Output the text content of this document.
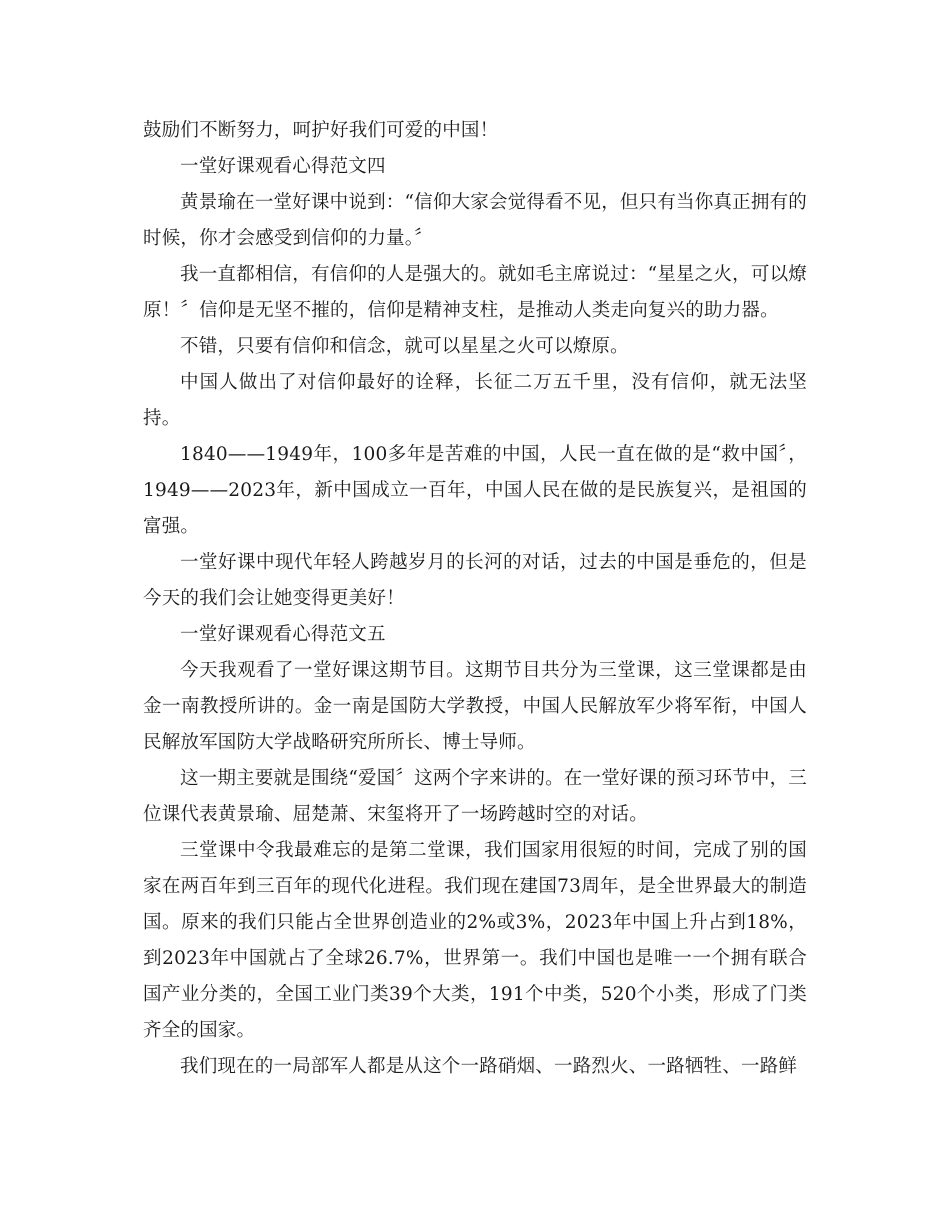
鼓励们不断努力，呵护好我们可爱的中国！

一堂好课观看心得范文四

黄景瑜在一堂好课中说到：“信仰大家会觉得看不见，但只有当你真正拥有的时候，你才会感受到信仰的力量。〞

我一直都相信，有信仰的人是强大的。就如毛主席说过：“星星之火，可以燎原！〞信仰是无坚不摧的，信仰是精神支柱，是推动人类走向复兴的助力器。

不错，只要有信仰和信念，就可以星星之火可以燎原。

中国人做出了对信仰最好的诠释，长征二万五千里，没有信仰，就无法坚持。

1840——1949年，100多年是苦难的中国，人民一直在做的是“救中国〞，1949——2023年，新中国成立一百年，中国人民在做的是民族复兴，是祖国的富强。

一堂好课中现代年轻人跨越岁月的长河的对话，过去的中国是垂危的，但是今天的我们会让她变得更美好！

一堂好课观看心得范文五

今天我观看了一堂好课这期节目。这期节目共分为三堂课，这三堂课都是由金一南教授所讲的。金一南是国防大学教授，中国人民解放军少将军衔，中国人民解放军国防大学战略研究所所长、博士导师。

这一期主要就是围绕“爱国〞这两个字来讲的。在一堂好课的预习环节中，三位课代表黄景瑜、屈楚萧、宋玺将开了一场跨越时空的对话。

三堂课中令我最难忘的是第二堂课，我们国家用很短的时间，完成了别的国家在两百年到三百年的现代化进程。我们现在建国73周年，是全世界最大的制造国。原来的我们只能占全世界创造业的2%或3%，2023年中国上升占到18%，到2023年中国就占了全球26.7%，世界第一。我们中国也是唯一一个拥有联合国产业分类的，全国工业门类39个大类，191个中类，520个小类，形成了门类齐全的国家。

我们现在的一局部军人都是从这个一路硝烟、一路烈火、一路牺牲、一路鲜
